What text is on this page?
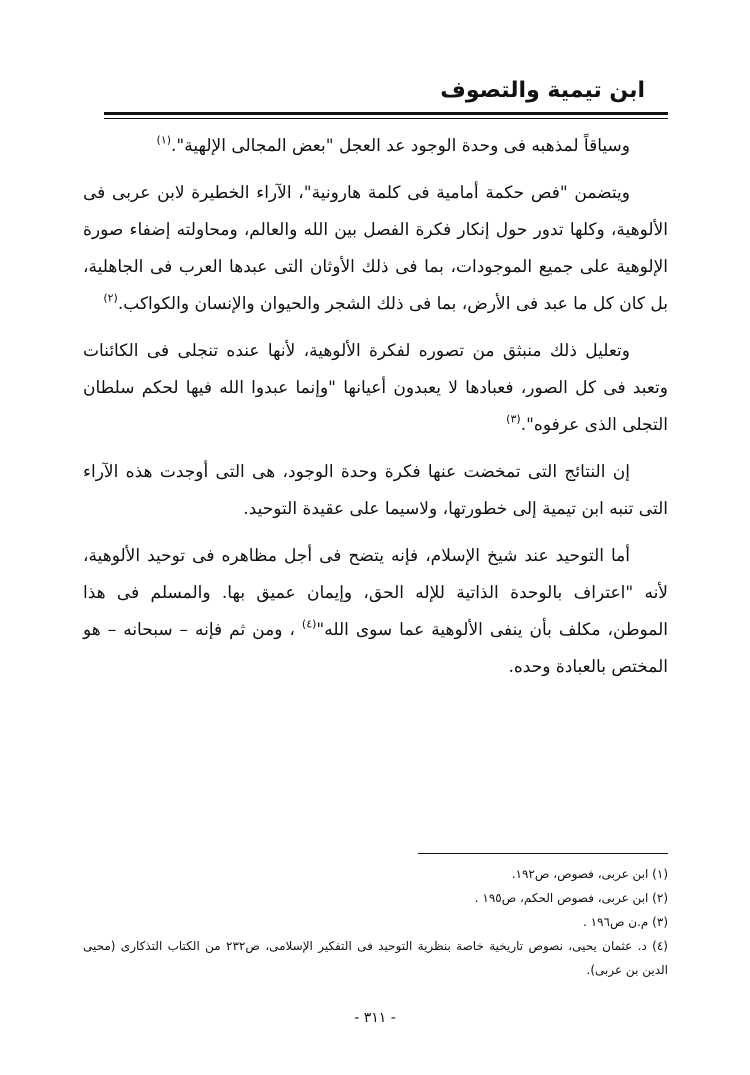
ابن تيمية والتصوف

وسياقاً لمذهبه فى وحدة الوجود عد العجل "بعض المجالى الإلهية".$^{(١)}$

ويتضمن "فص حكمة أمامية فى كلمة هارونية"، الآراء الخطيرة لابن عربى فى الألوهية، وكلها تدور حول إنكار فكرة الفصل بين الله والعالم، ومحاولته إضفاء صورة الإلوهية على جميع الموجودات، بما فى ذلك الأوثان التى عبدها العرب فى الجاهلية، بل كان كل ما عبد فى الأرض، بما فى ذلك الشجر والحيوان والإنسان والكواكب.$^{(٢)}$

وتعليل ذلك منبثق من تصوره لفكرة الألوهية، لأنها عنده تنجلى فى الكائنات وتعبد فى كل الصور، فعبادها لا يعبدون أعيانها "وإنما عبدوا الله فيها لحكم سلطان التجلى الذى عرفوه".$^{(٣)}$

إن النتائج التى تمخضت عنها فكرة وحدة الوجود، هى التى أوجدت هذه الآراء التى تنبه ابن تيمية إلى خطورتها، ولاسيما على عقيدة التوحيد.

أما التوحيد عند شيخ الإسلام، فإنه يتضح فى أجل مظاهره فى توحيد الألوهية، لأنه "اعتراف بالوحدة الذاتية للإله الحق، وإيمان عميق بها. والمسلم فى هذا الموطن، مكلف بأن ينفى الألوهية عما سوى الله"$^{(٤)}$ ، ومن ثم فإنه – سبحانه – هو المختص بالعبادة وحده.

(١) ابن عربى، فصوص، ص١٩٢.

(٢) ابن عربى، فصوص الحكم، ص١٩٥ .

(٣) م.ن ص١٩٦ .

(٤) د. عثمان يحيى، نصوص تاريخية خاصة بنظرية التوحيد فى التفكير الإسلامى، ص٢٣٢ من الكتاب التذكارى (محيى الدين بن عربى).

- ٣١١ -
